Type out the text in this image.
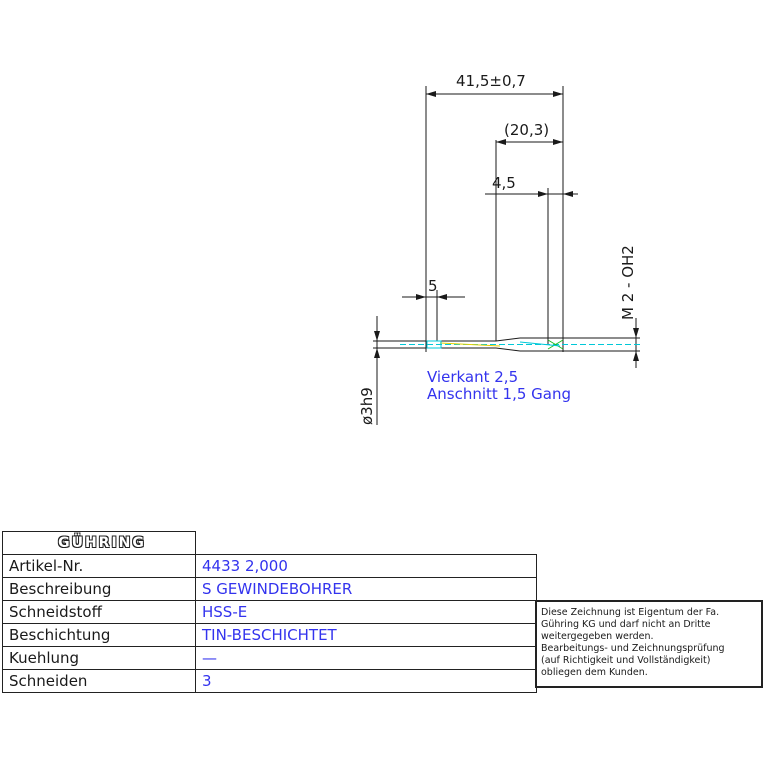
41,5±0,7
(20,3)
4,5
5	M 2 - OH2
ø3h9
Vierkant 2,5
Anschnitt 1,5 Gang
GÜHRING	
Artikel-Nr.	4433 2,000
Beschreibung	S GEWINDEBOHRER
Schneidstoff	HSS-E
Beschichtung	TIN-BESCHICHTET
Kuehlung	—
Schneiden	3
Diese Zeichnung ist Eigentum der Fa.
Gühring KG und darf nicht an Dritte
weitergegeben werden.
Bearbeitungs- und Zeichnungsprüfung
(auf Richtigkeit und Vollständigkeit)
obliegen dem Kunden.
